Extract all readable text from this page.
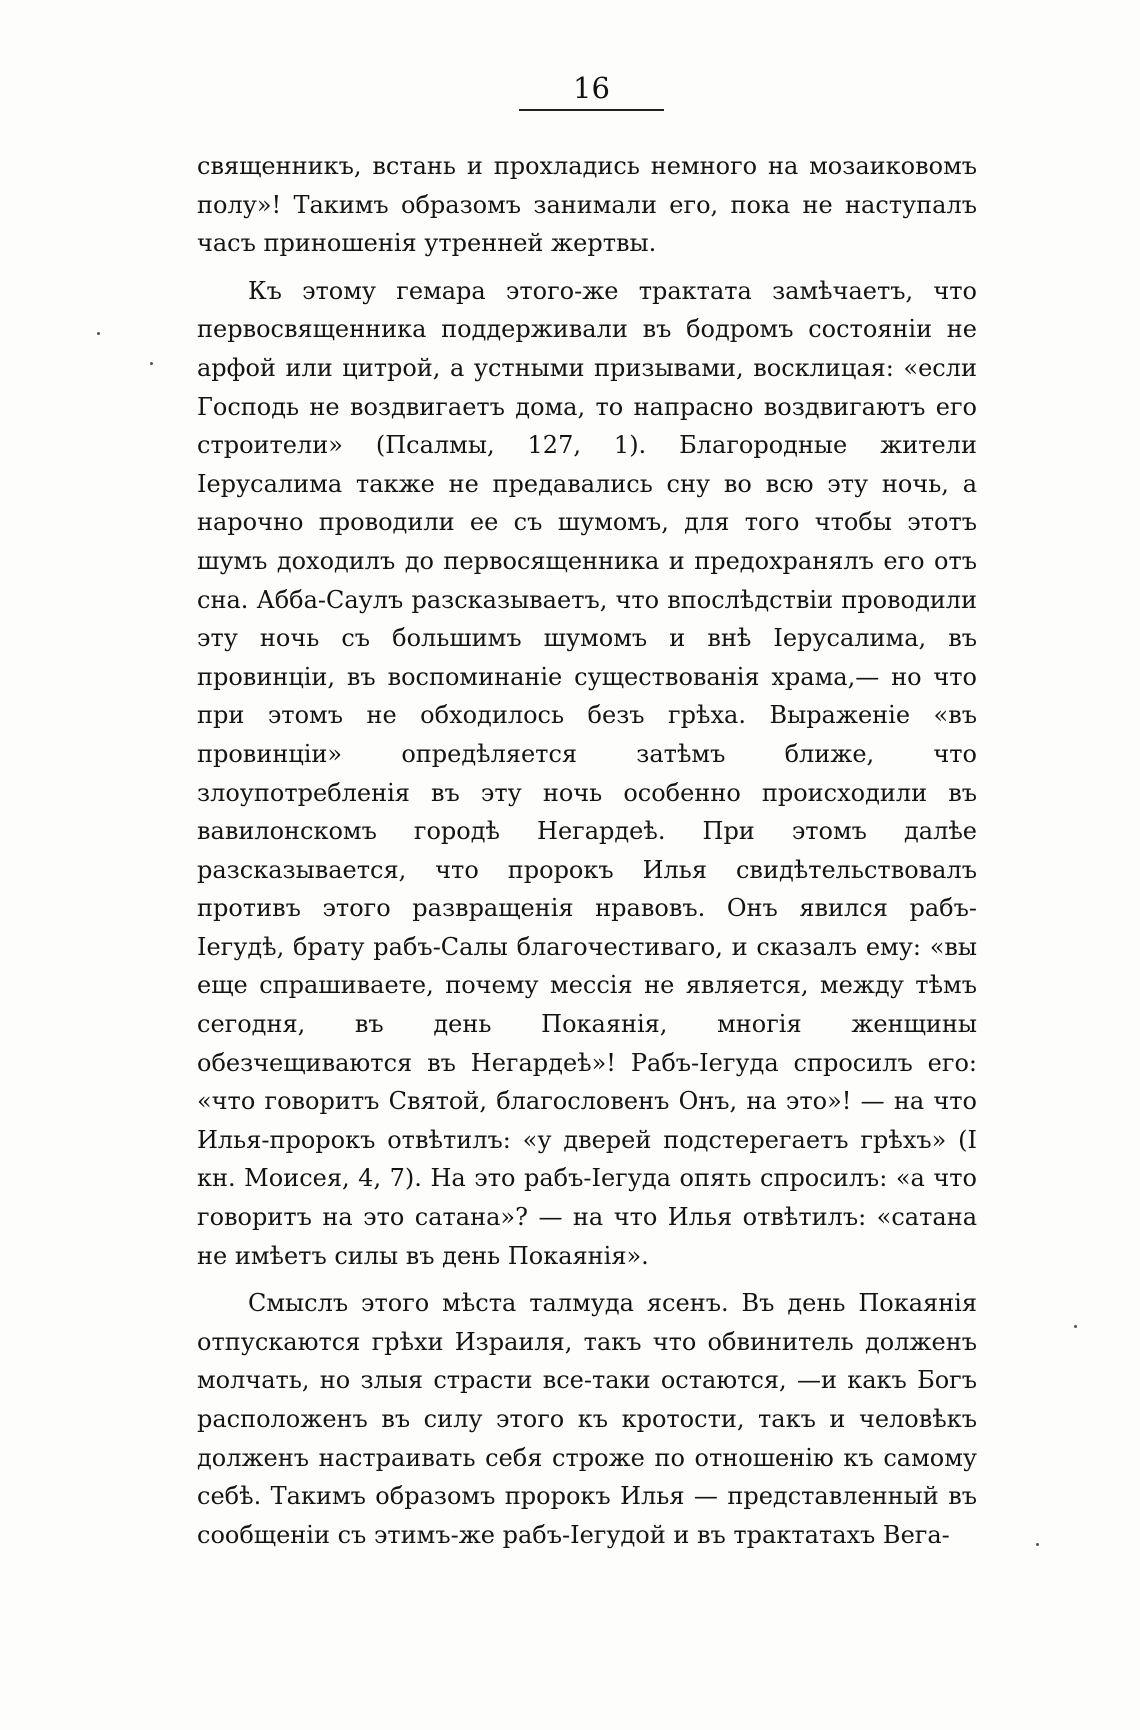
16

священникъ, встань и прохладись немного на мозаиковомъ полу»! Такимъ образомъ занимали его, пока не наступалъ часъ приношенія утренней жертвы.

Къ этому гемара этого-же трактата замѣчаетъ, что первосвященника поддерживали въ бодромъ состояніи не арфой или цитрой, а устными призывами, восклицая: «если Господь не воздвигаетъ дома, то напрасно воздвигаютъ его строители» (Псалмы, 127, 1). Благородные жители Іерусалима также не предавались сну во всю эту ночь, а нарочно проводили ее съ шумомъ, для того чтобы этотъ шумъ доходилъ до первосященника и предохранялъ его отъ сна. Абба-Саулъ разсказываетъ, что впослѣдствіи проводили эту ночь съ большимъ шумомъ и внѣ Іерусалима, въ провинціи, въ воспоминаніе существованія храма,— но что при этомъ не обходилось безъ грѣха. Выраженіе «въ провинціи» опредѣляется затѣмъ ближе, что злоупотребленія въ эту ночь особенно происходили въ вавилонскомъ городѣ Негардеѣ. При этомъ далѣе разсказывается, что пророкъ Илья свидѣтельствовалъ противъ этого развращенія нравовъ. Онъ явился рабъ-Іегудѣ, брату рабъ-Салы благочестиваго, и сказалъ ему: «вы еще спрашиваете, почему мессія не является, между тѣмъ сегодня, въ день Покаянія, многія женщины обезчещиваются въ Негардеѣ»! Рабъ-Іегуда спросилъ его: «что говоритъ Святой, благословенъ Онъ, на это»! — на что Илья-пророкъ отвѣтилъ: «у дверей подстерегаетъ грѣхъ» (I кн. Моисея, 4, 7). На это рабъ-Іегуда опять спросилъ: «а что говоритъ на это сатана»? — на что Илья отвѣтилъ: «сатана не имѣетъ силы въ день Покаянія».

Смыслъ этого мѣста талмуда ясенъ. Въ день Покаянія отпускаются грѣхи Израиля, такъ что обвинитель долженъ молчать, но злыя страсти все-таки остаются, —и какъ Богъ расположенъ въ силу этого къ кротости, такъ и человѣкъ долженъ настраивать себя строже по отношенію къ самому себѣ. Такимъ образомъ пророкъ Илья — представленный въ сообщеніи съ этимъ-же рабъ-Іегудой и въ трактатахъ Вега-
